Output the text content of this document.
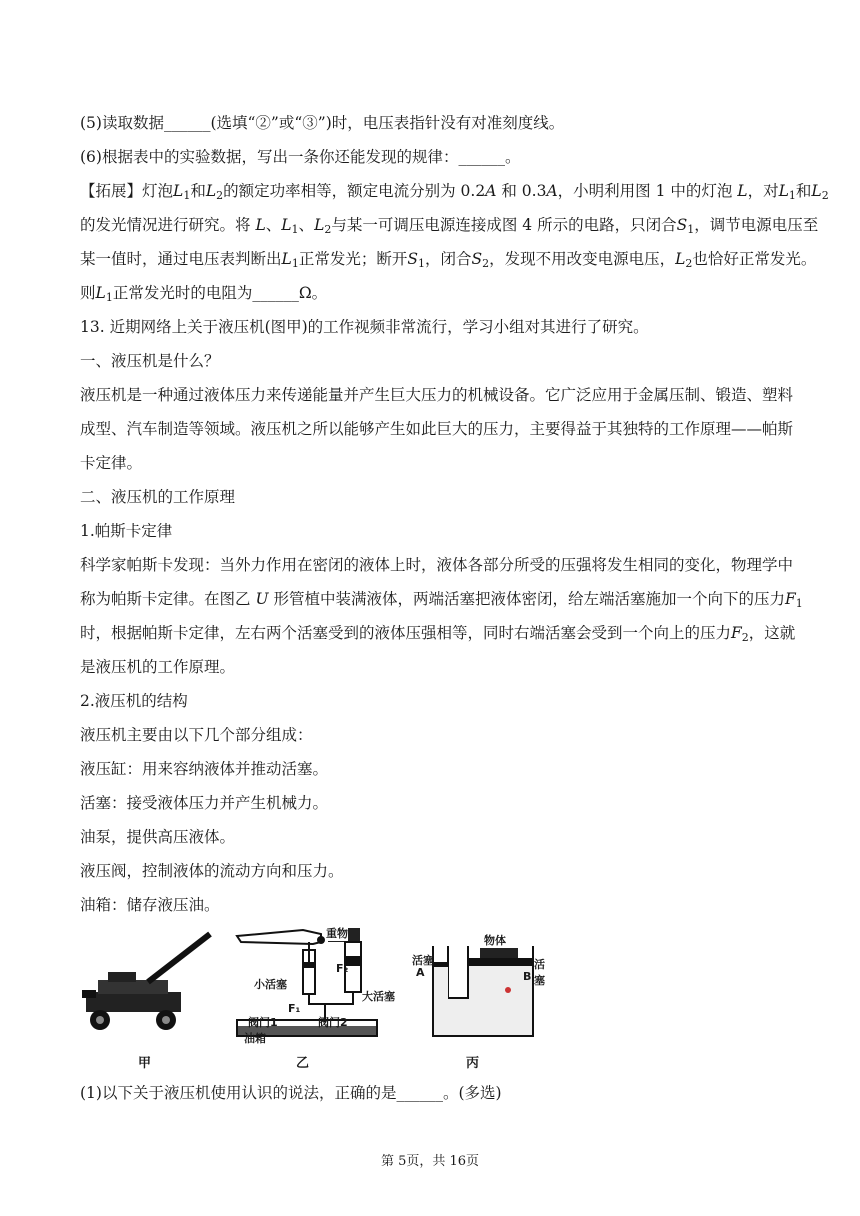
(5)读取数据______(选填“②”或“③”)时，电压表指针没有对准刻度线。
(6)根据表中的实验数据，写出一条你还能发现的规律：______。
【拓展】灯泡$L_1$和$L_2$的额定功率相等，额定电流分别为 0.2A 和 0.3A，小明利用图 1 中的灯泡 L，对$L_1$和$L_2$
的发光情况进行研究。将 L、$L_1$、$L_2$与某一可调压电源连接成图 4 所示的电路，只闭合$S_1$，调节电源电压至
某一值时，通过电压表判断出$L_1$正常发光；断开$S_1$，闭合$S_2$，发现不用改变电源电压，$L_2$也恰好正常发光。
则$L_1$正常发光时的电阻为______Ω。
13. 近期网络上关于液压机(图甲)的工作视频非常流行，学习小组对其进行了研究。
一、液压机是什么？
液压机是一种通过液体压力来传递能量并产生巨大压力的机械设备。它广泛应用于金属压制、锻造、塑料
成型、汽车制造等领域。液压机之所以能够产生如此巨大的压力，主要得益于其独特的工作原理——帕斯
卡定律。
二、液压机的工作原理
1.帕斯卡定律
科学家帕斯卡发现：当外力作用在密闭的液体上时，液体各部分所受的压强将发生相同的变化，物理学中
称为帕斯卡定律。在图乙 U 形管植中装满液体，两端活塞把液体密闭，给左端活塞施加一个向下的压力$F_1$
时，根据帕斯卡定律，左右两个活塞受到的液体压强相等，同时右端活塞会受到一个向上的压力$F_2$，这就
是液压机的工作原理。
2.液压机的结构
液压机主要由以下几个部分组成：
液压缸：用来容纳液体并推动活塞。
活塞：接受液体压力并产生机械力。
油泵，提供高压液体。
液压阀，控制液体的流动方向和压力。
油箱：储存液压油。
甲
重物
小活塞
大活塞
F₁
F₂
阀门1	阀门2
油箱
乙
物体
活塞
A	B
活塞
丙
(1)以下关于液压机使用认识的说法，正确的是______。(多选)
第 5页，共 16页
